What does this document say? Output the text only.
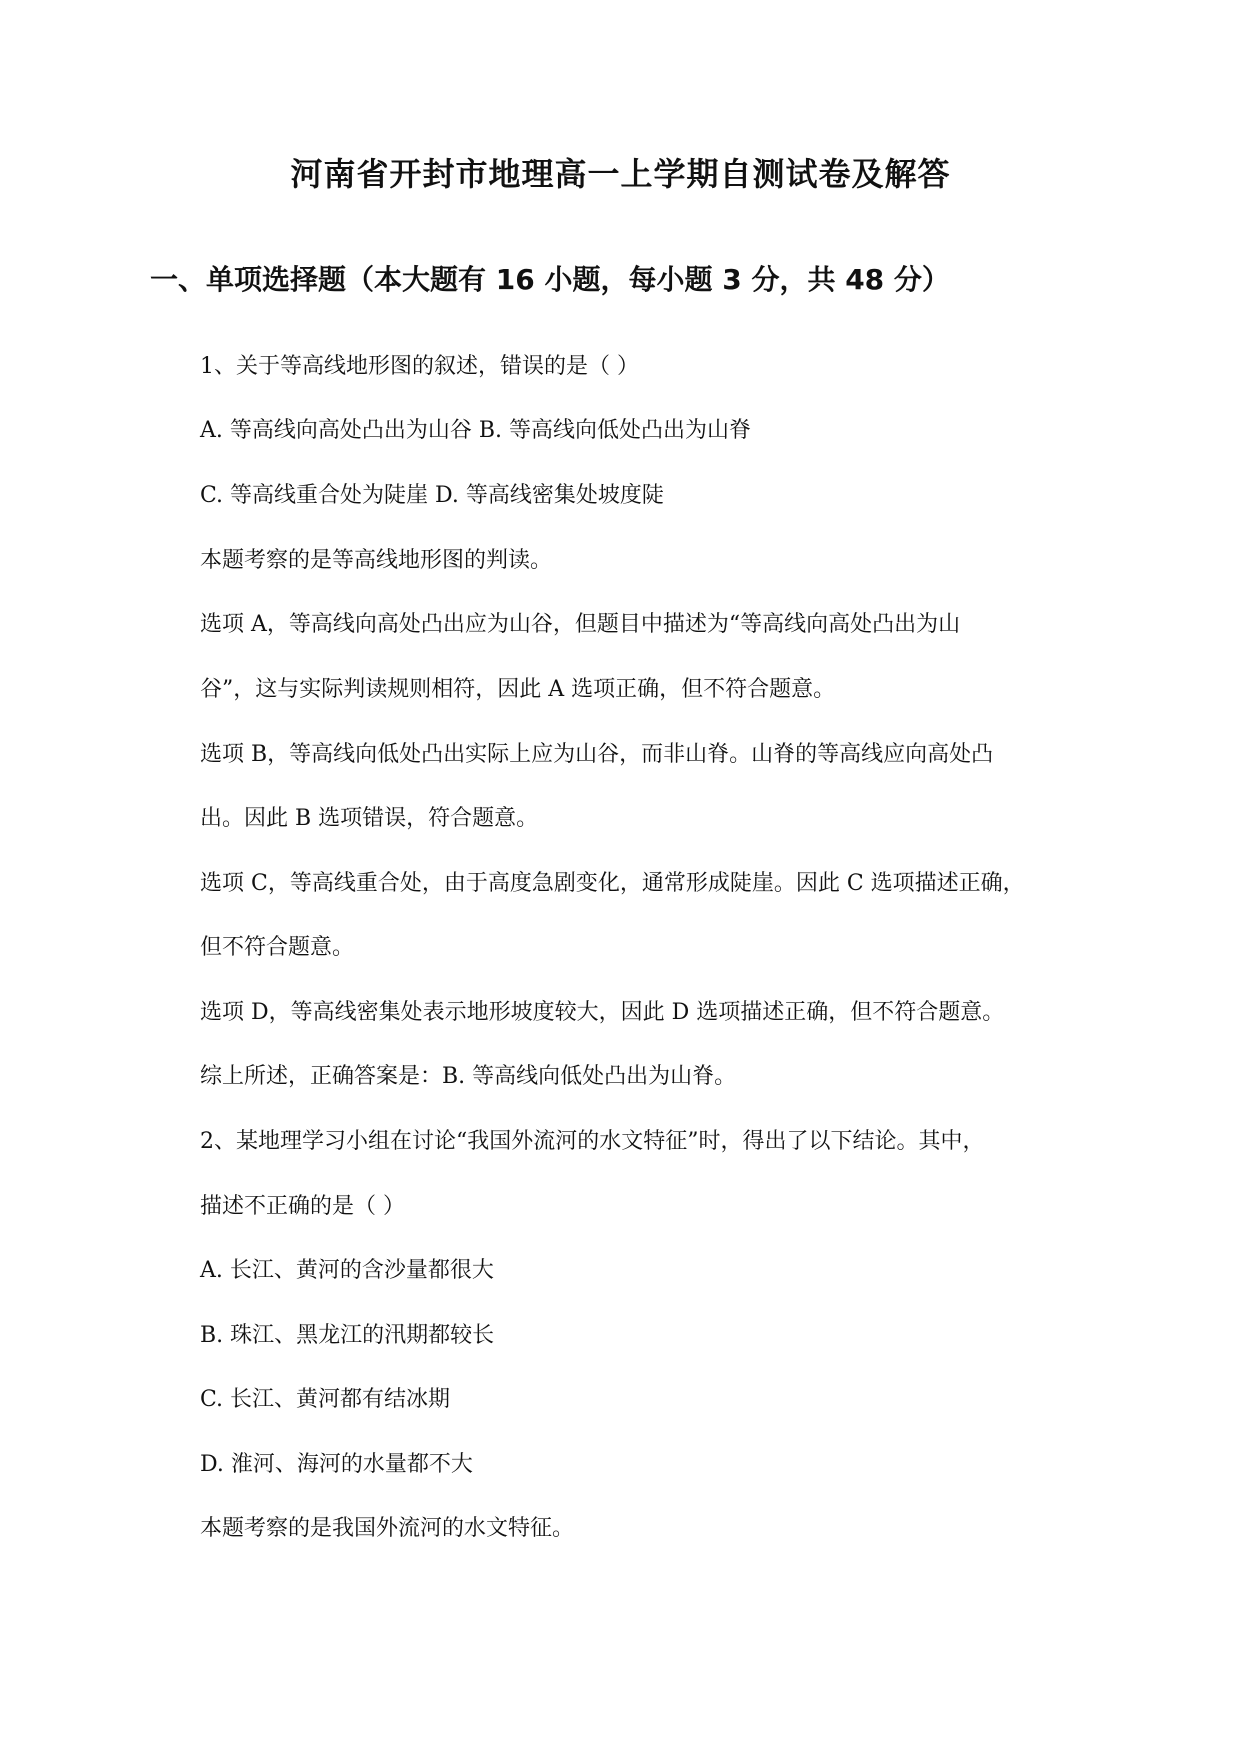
河南省开封市地理高一上学期自测试卷及解答
一、单项选择题（本大题有 16 小题，每小题 3 分，共 48 分）
1、关于等高线地形图的叙述，错误的是（ ）
A. 等高线向高处凸出为山谷 B. 等高线向低处凸出为山脊
C. 等高线重合处为陡崖 D. 等高线密集处坡度陡
本题考察的是等高线地形图的判读。
选项 A，等高线向高处凸出应为山谷，但题目中描述为“等高线向高处凸出为山
谷”，这与实际判读规则相符，因此 A 选项正确，但不符合题意。
选项 B，等高线向低处凸出实际上应为山谷，而非山脊。山脊的等高线应向高处凸
出。因此 B 选项错误，符合题意。
选项 C，等高线重合处，由于高度急剧变化，通常形成陡崖。因此 C 选项描述正确，
但不符合题意。
选项 D，等高线密集处表示地形坡度较大，因此 D 选项描述正确，但不符合题意。
综上所述，正确答案是：B. 等高线向低处凸出为山脊。
2、某地理学习小组在讨论“我国外流河的水文特征”时，得出了以下结论。其中，
描述不正确的是（ ）
A. 长江、黄河的含沙量都很大
B. 珠江、黑龙江的汛期都较长
C. 长江、黄河都有结冰期
D. 淮河、海河的水量都不大
本题考察的是我国外流河的水文特征。
